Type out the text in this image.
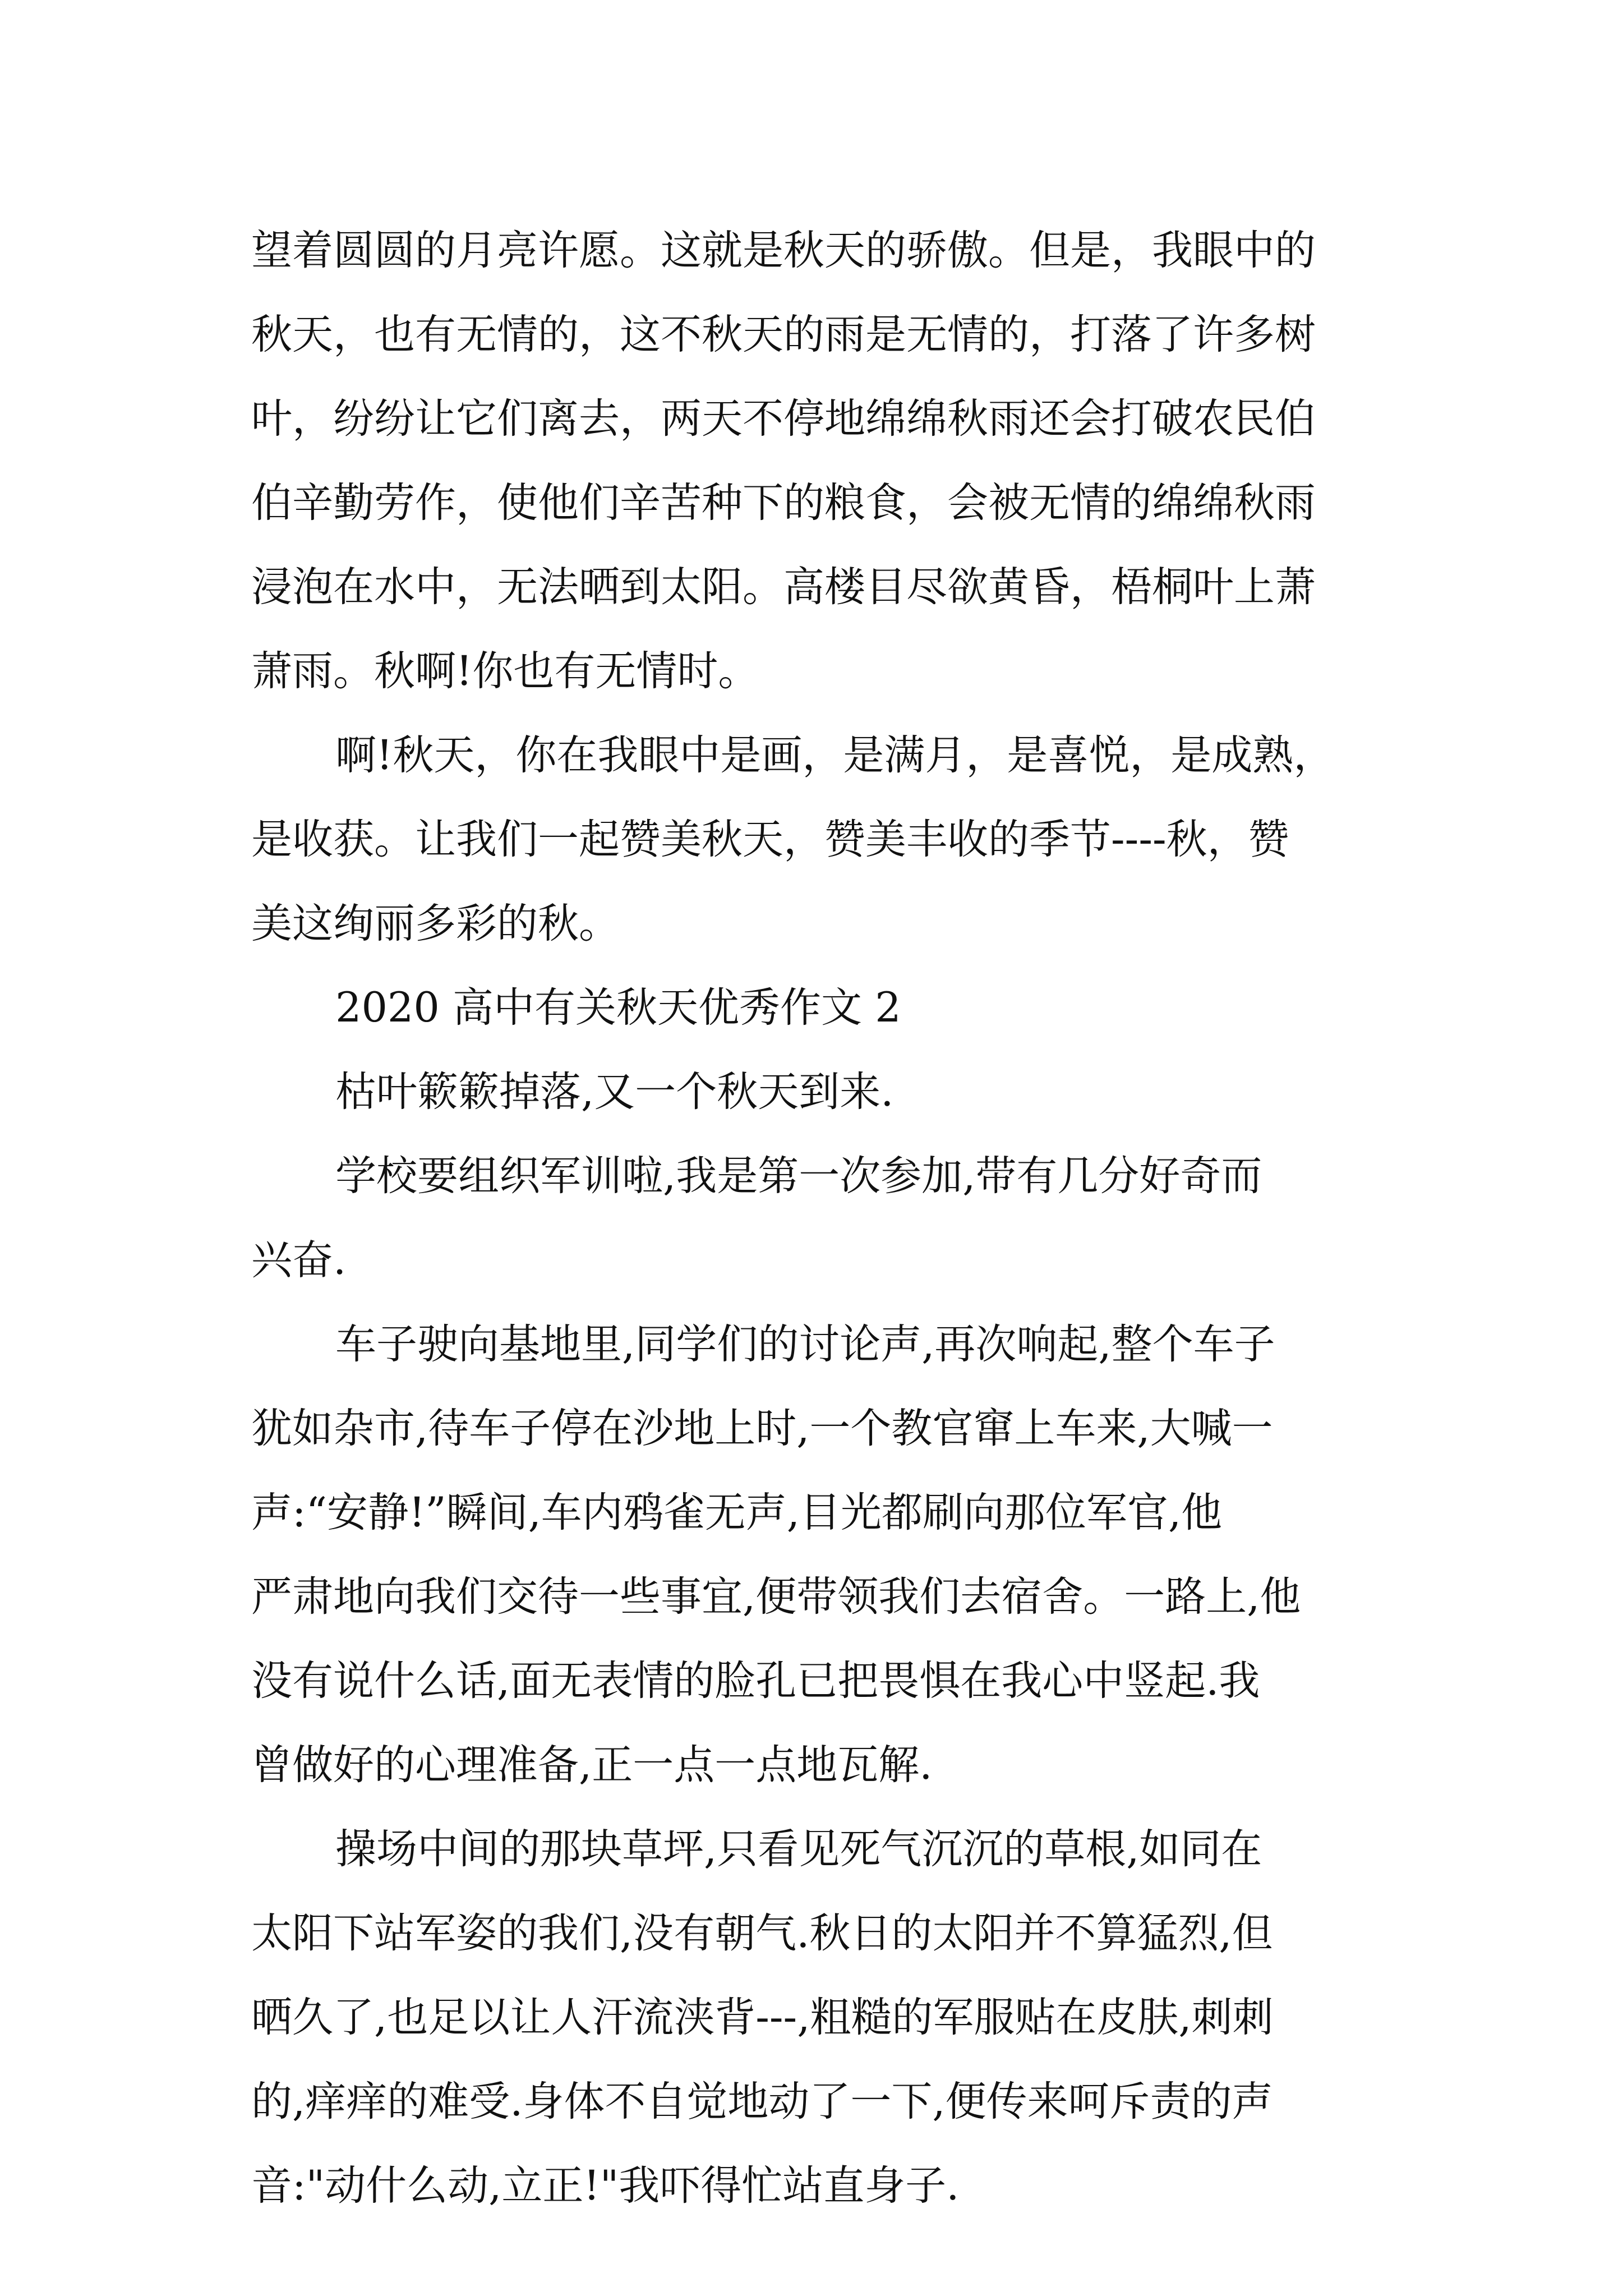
望着圆圆的月亮许愿。这就是秋天的骄傲。但是，我眼中的
秋天，也有无情的，这不秋天的雨是无情的，打落了许多树
叶，纷纷让它们离去，两天不停地绵绵秋雨还会打破农民伯
伯辛勤劳作，使他们辛苦种下的粮食，会被无情的绵绵秋雨
浸泡在水中，无法晒到太阳。高楼目尽欲黄昏，梧桐叶上萧
萧雨。秋啊!你也有无情时。
啊!秋天，你在我眼中是画，是满月，是喜悦，是成熟，
是收获。让我们一起赞美秋天，赞美丰收的季节----秋，赞
美这绚丽多彩的秋。
2020 高中有关秋天优秀作文 2
枯叶簌簌掉落,又一个秋天到来.
学校要组织军训啦,我是第一次参加,带有几分好奇而
兴奋.
车子驶向基地里,同学们的讨论声,再次响起,整个车子
犹如杂市,待车子停在沙地上时,一个教官窜上车来,大喊一
声:“安静!”瞬间,车内鸦雀无声,目光都刷向那位军官,他
严肃地向我们交待一些事宜,便带领我们去宿舍。一路上,他
没有说什么话,面无表情的脸孔已把畏惧在我心中竖起.我
曾做好的心理准备,正一点一点地瓦解.
操场中间的那块草坪,只看见死气沉沉的草根,如同在
太阳下站军姿的我们,没有朝气.秋日的太阳并不算猛烈,但
晒久了,也足以让人汗流浃背---,粗糙的军服贴在皮肤,刺刺
的,痒痒的难受.身体不自觉地动了一下,便传来呵斥责的声
音:"动什么动,立正!"我吓得忙站直身子.
